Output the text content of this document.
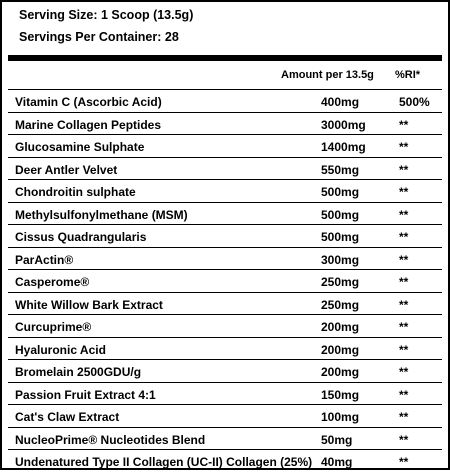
Serving Size: 1 Scoop (13.5g)
Servings Per Container: 28
Amount per 13.5g %RI*
Vitamin C (Ascorbic Acid)	400mg	500%
Marine Collagen Peptides	3000mg	**
Glucosamine Sulphate	1400mg	**
Deer Antler Velvet	550mg	**
Chondroitin sulphate	500mg	**
Methylsulfonylmethane (MSM)	500mg	**
Cissus Quadrangularis	500mg	**
ParActin®	300mg	**
Casperome®	250mg	**
White Willow Bark Extract	250mg	**
Curcuprime®	200mg	**
Hyaluronic Acid	200mg	**
Bromelain 2500GDU/g	200mg	**
Passion Fruit Extract 4:1	150mg	**
Cat's Claw Extract	100mg	**
NucleoPrime® Nucleotides Blend	50mg	**
Undenatured Type II Collagen (UC-II) Collagen (25%) 40mg	**
